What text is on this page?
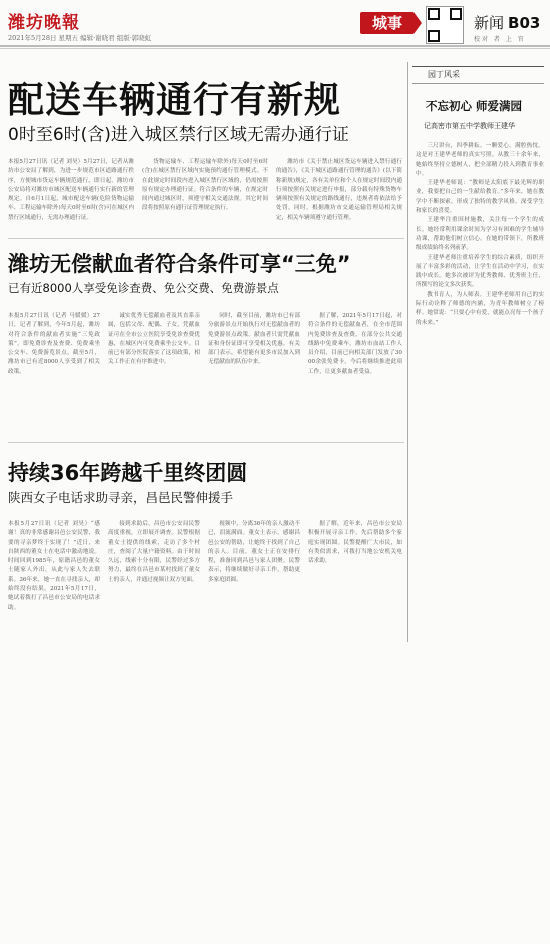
潍坊晚報
2021年5月28日 星期五 编辑·谢晓君 组版·郭晓虹
城事	新闻 B03
校对 者 上 官
配送车辆通行有新规
0时至6时(含)进入城区禁行区域无需办通行证

本报5月27日讯（记者 刘昊）5月27日，记者从潍坊市公安局了解到，为进一步规范市区道路通行秩序，方便城市货运车辆规范通行，即日起，潍坊市公安局将对潍坊市城区配送车辆通行实行新的管理规定。自6月1日起，城市配送车辆(危险货物运输车、工程运输车除外)每天0时至6时(含)可在城区内禁行区域通行，无需办理通行证。

货物运输车、工程运输车除外)每天0时至6时(含)在城区禁行区域内实施预约通行管理模式。不在此规定时间段内进入城区禁行区域的，仍需按照原有规定办理通行证。符合条件的车辆，在规定时间内通过城区时，须遵守相关交通法规。其它时间段将按照原有通行证管理规定执行。

潍坊市《关于禁止城区货运车辆进入禁行通行的通告》，《关于城区道路通行管理的通告》(以下简称新规)规定，各有关单位和个人在规定时间段内通行须按照有关规定进行申报，部分载有特殊货物车辆须按照有关规定的路线通行，违规者将依法给予处罚。同时，根据潍坊市交通运输管理局相关规定，相关车辆须遵守通行管理。

潍坊无偿献血者符合条件可享“三免”
已有近8000人享受免诊查费、免公交费、免费游景点

本报5月27日讯（记者 马媛媛）27日，记者了解到，今年5月起，潍坊对符合条件的献血者实施“三免政策”，即免费诊查及查费、免费乘坐公交车、免费游览景点。截至5月，潍坊市已有近8000人享受到了相关政策。

诚实优秀无偿献血者及其直系亲属，包括父母、配偶、子女，凭献血证可在全市公立医院享受免诊查费优惠，在城区内可免费乘坐公交车。目前已有部分医院落实了这项政策，相关工作正在有序推进中。

同时，截至目前，潍坊市已有部分旅游景点开始执行对无偿献血者的免费游景点政策。献血者只需凭献血证和身份证即可享受相关优惠。有关部门表示，希望能有更多市民加入到无偿献血的队伍中来。

据了解，2021年5月17日起，对符合条件的无偿献血者，在全市范围内免费诊查及查费，在部分公共交通线路中免费乘车。潍坊市血站工作人员介绍，目前已向相关部门发放了3000余张免费卡，今后将继续推进此项工作，让更多献血者受益。

持续36年跨越千里终团圆
陕西女子电话求助寻亲，昌邑民警伸援手

本报5月27日讯（记者 刘昊）“感谢！真的非常感谢昌邑公安民警，我要的寻亲梦终于实现了！”近日，来自陕西的董女士在电话中激动地说。时间回到1985年，原籍昌邑的董女士随家人外出，从此与家人失去联系。36年来，她一直在寻找亲人，却始终没有结果。2021年5月17日，她试着拨打了昌邑市公安局的电话求助。

接到求助后，昌邑市公安局民警高度重视，立即展开调查。民警根据董女士提供的线索，走访了多个村庄，查阅了大量户籍资料。由于时间久远，线索十分有限，民警经过多方努力，最终在昌邑市某村找到了董女士的亲人，并通过视频让双方见面。

视频中，分离36年的亲人激动不已，泪流满面。董女士表示，感谢昌邑公安的帮助，让她终于找到了自己的亲人。目前，董女士正在安排行程，准备回到昌邑与家人团聚。民警表示，将继续做好寻亲工作，帮助更多家庭团圆。

据了解，近年来，昌邑市公安局积极开展寻亲工作，先后帮助多个家庭实现团圆。民警提醒广大市民，如有类似需求，可拨打当地公安机关电话求助。

园丁风采
不忘初心 师爱满园
记高密市第五中学教师王建华

三尺讲台，四季耕耘。一颗爱心，满腔热忱。这是对王建华老师的真实写照。从教三十余年来，她始终坚持立德树人，把全部精力投入到教育事业中。

王建华老师说：“教师是太阳底下最光辉的职业，我要把自己的一生献给教育。”多年来，她在教学中不断探索，形成了独特的教学风格，深受学生和家长的喜爱。

王建华注重因材施教，关注每一个学生的成长。她经常利用课余时间为学习有困难的学生辅导功课，帮助他们树立信心。在她的带领下，所教班级成绩始终名列前茅。

王建华老师注重培养学生的综合素质，组织开展了丰富多彩的活动，让学生在活动中学习，在实践中成长。她多次被评为优秀教师、优秀班主任，所撰写的论文多次获奖。

教书育人，为人师表。王建华老师用自己的实际行动诠释了师德的内涵，为青年教师树立了榜样。她常说：“只要心中有爱，就能点亮每一个孩子的未来。”
